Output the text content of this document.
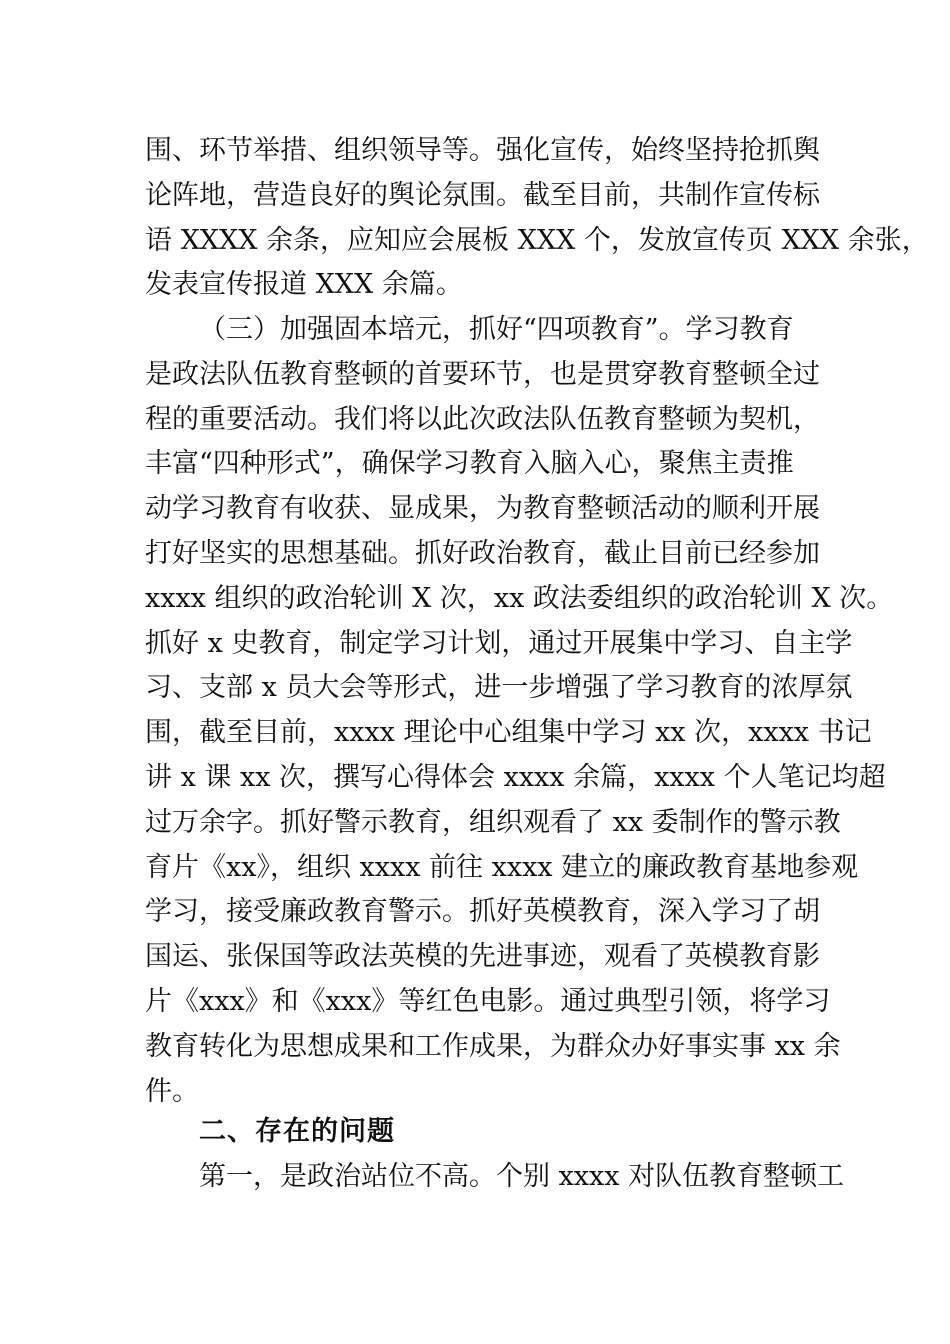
围、环节举措、组织领导等。强化宣传，始终坚持抢抓舆
论阵地，营造良好的舆论氛围。截至目前，共制作宣传标
语 XXXX 余条，应知应会展板 XXX 个，发放宣传页 XXX 余张，
发表宣传报道 XXX 余篇。
（三）加强固本培元，抓好“四项教育”。学习教育
是政法队伍教育整顿的首要环节，也是贯穿教育整顿全过
程的重要活动。我们将以此次政法队伍教育整顿为契机，
丰富“四种形式”，确保学习教育入脑入心，聚焦主责推
动学习教育有收获、显成果，为教育整顿活动的顺利开展
打好坚实的思想基础。抓好政治教育，截止目前已经参加
xxxx 组织的政治轮训 X 次，xx 政法委组织的政治轮训 X 次。
抓好 x 史教育，制定学习计划，通过开展集中学习、自主学
习、支部 x 员大会等形式，进一步增强了学习教育的浓厚氛
围，截至目前，xxxx 理论中心组集中学习 xx 次，xxxx 书记
讲 x 课 xx 次，撰写心得体会 xxxx 余篇，xxxx 个人笔记均超
过万余字。抓好警示教育，组织观看了 xx 委制作的警示教
育片《xx》，组织 xxxx 前往 xxxx 建立的廉政教育基地参观
学习，接受廉政教育警示。抓好英模教育，深入学习了胡
国运、张保国等政法英模的先进事迹，观看了英模教育影
片《xxx》和《xxx》等红色电影。通过典型引领，将学习
教育转化为思想成果和工作成果，为群众办好事实事 xx 余
件。
二、存在的问题
第一，是政治站位不高。个别 xxxx 对队伍教育整顿工
